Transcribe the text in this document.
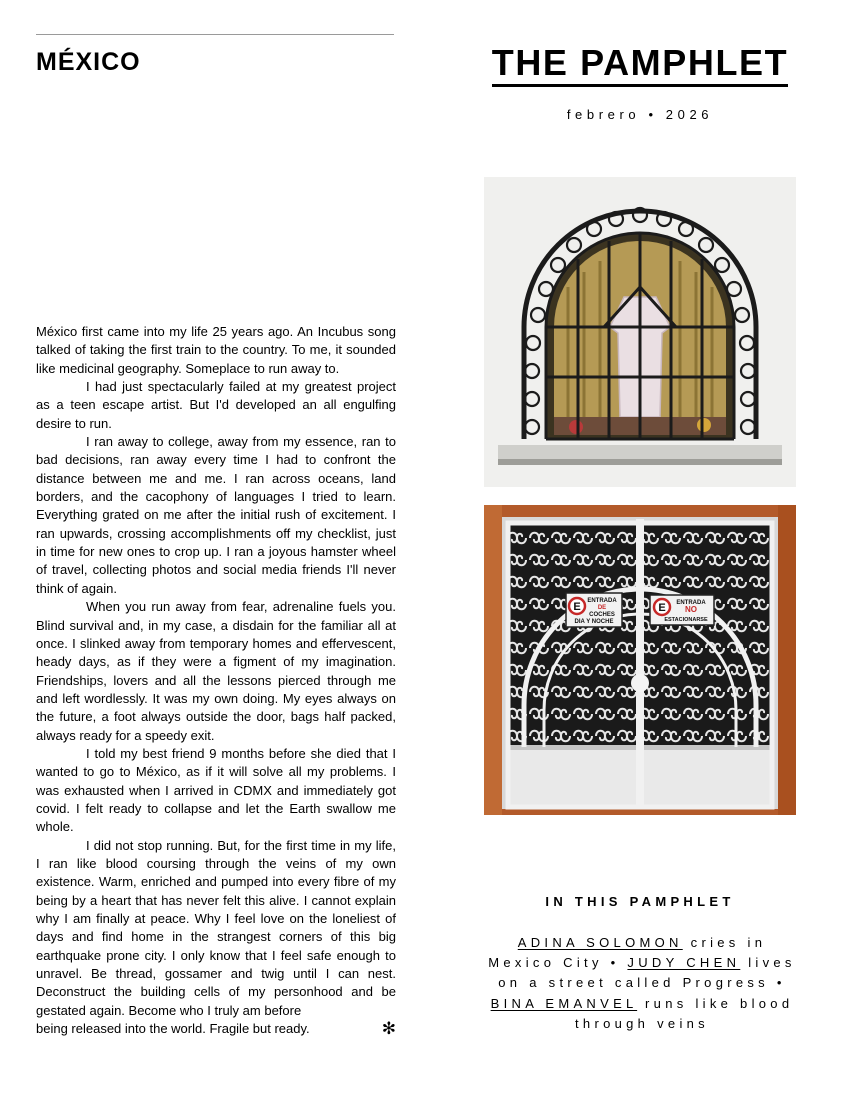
MÉXICO	THE PAMPHLET
febrero • 2026

México first came into my life 25 years ago. An Incubus song talked of taking the first train to the country. To me, it sounded like medicinal geography. Someplace to run away to.

I had just spectacularly failed at my greatest project as a teen escape artist. But I'd developed an all engulfing desire to run.

I ran away to college, away from my essence, ran to bad decisions, ran away every time I had to confront the distance between me and me. I ran across oceans, land borders, and the cacophony of languages I tried to learn. Everything grated on me after the initial rush of excitement. I ran upwards, crossing accomplishments off my checklist, just in time for new ones to crop up. I ran a joyous hamster wheel of travel, collecting photos and social media friends I'll never think of again.

When you run away from fear, adrenaline fuels you. Blind survival and, in my case, a disdain for the familiar all at once. I slinked away from temporary homes and effervescent, heady days, as if they were a figment of my imagination. Friendships, lovers and all the lessons pierced through me and left wordlessly. It was my own doing. My eyes always on the future, a foot always outside the door, bags half packed, always ready for a speedy exit.

I told my best friend 9 months before she died that I wanted to go to México, as if it will solve all my problems. I was exhausted when I arrived in CDMX and immediately got covid. I felt ready to collapse and let the Earth swallow me whole.

I did not stop running. But, for the first time in my life, I ran like blood coursing through the veins of my own existence. Warm, enriched and pumped into every fibre of my being by a heart that has never felt this alive. I cannot explain why I am finally at peace. Why I feel love on the loneliest of days and find home in the strangest corners of this big earthquake prone city. I only know that I feel safe enough to unravel. Be thread, gossamer and twig until I can nest. Deconstruct the building cells of my personhood and be gestated again. Become who I truly am before

being released into the world. Fragile but ready.	✻
E ENTRADA
DE
COCHES
DIA Y NOCHE
E ENTRADA
NO
ESTACIONARSE
IN THIS PAMPHLET
ADINA SOLOMON cries in Mexico City • JUDY CHEN lives on a street called Progress • BINA EMANVEL runs like blood through veins
